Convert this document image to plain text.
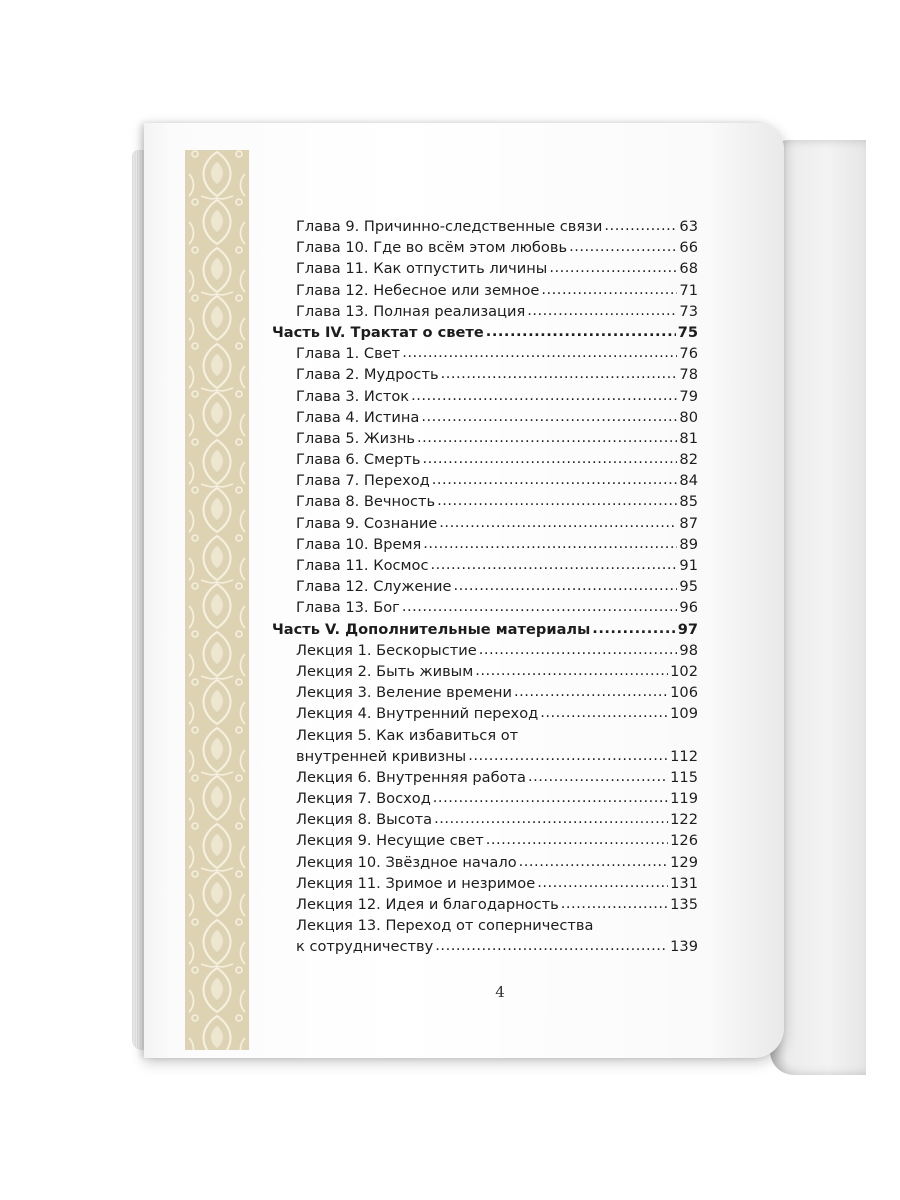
Глава 9. Причинно-следственные связи .....	63
Глава 10. Где во всём этом любовь .....	66
Глава 11. Как отпустить личины .....	68
Глава 12. Небесное или земное .....	71
Глава 13. Полная реализация .....	73
Часть IV. Трактат о свете .....	75
Глава 1. Свет .....	76
Глава 2. Мудрость .....	78
Глава 3. Исток .....	79
Глава 4. Истина .....	80
Глава 5. Жизнь .....	81
Глава 6. Смерть .....	82
Глава 7. Переход .....	84
Глава 8. Вечность .....	85
Глава 9. Сознание .....	87
Глава 10. Время .....	89
Глава 11. Космос .....	91
Глава 12. Служение .....	95
Глава 13. Бог .....	96
Часть V. Дополнительные материалы .....	97
Лекция 1. Бескорыстие .....	98
Лекция 2. Быть живым .....	102
Лекция 3. Веление времени .....	106
Лекция 4. Внутренний переход .....	109
Лекция 5. Как избавиться от
внутренней кривизны .....	112
Лекция 6. Внутренняя работа .....	115
Лекция 7. Восход .....	119
Лекция 8. Высота .....	122
Лекция 9. Несущие свет .....	126
Лекция 10. Звёздное начало .....	129
Лекция 11. Зримое и незримое .....	131
Лекция 12. Идея и благодарность .....	135
Лекция 13. Переход от соперничества
к сотрудничеству .....	139
4
